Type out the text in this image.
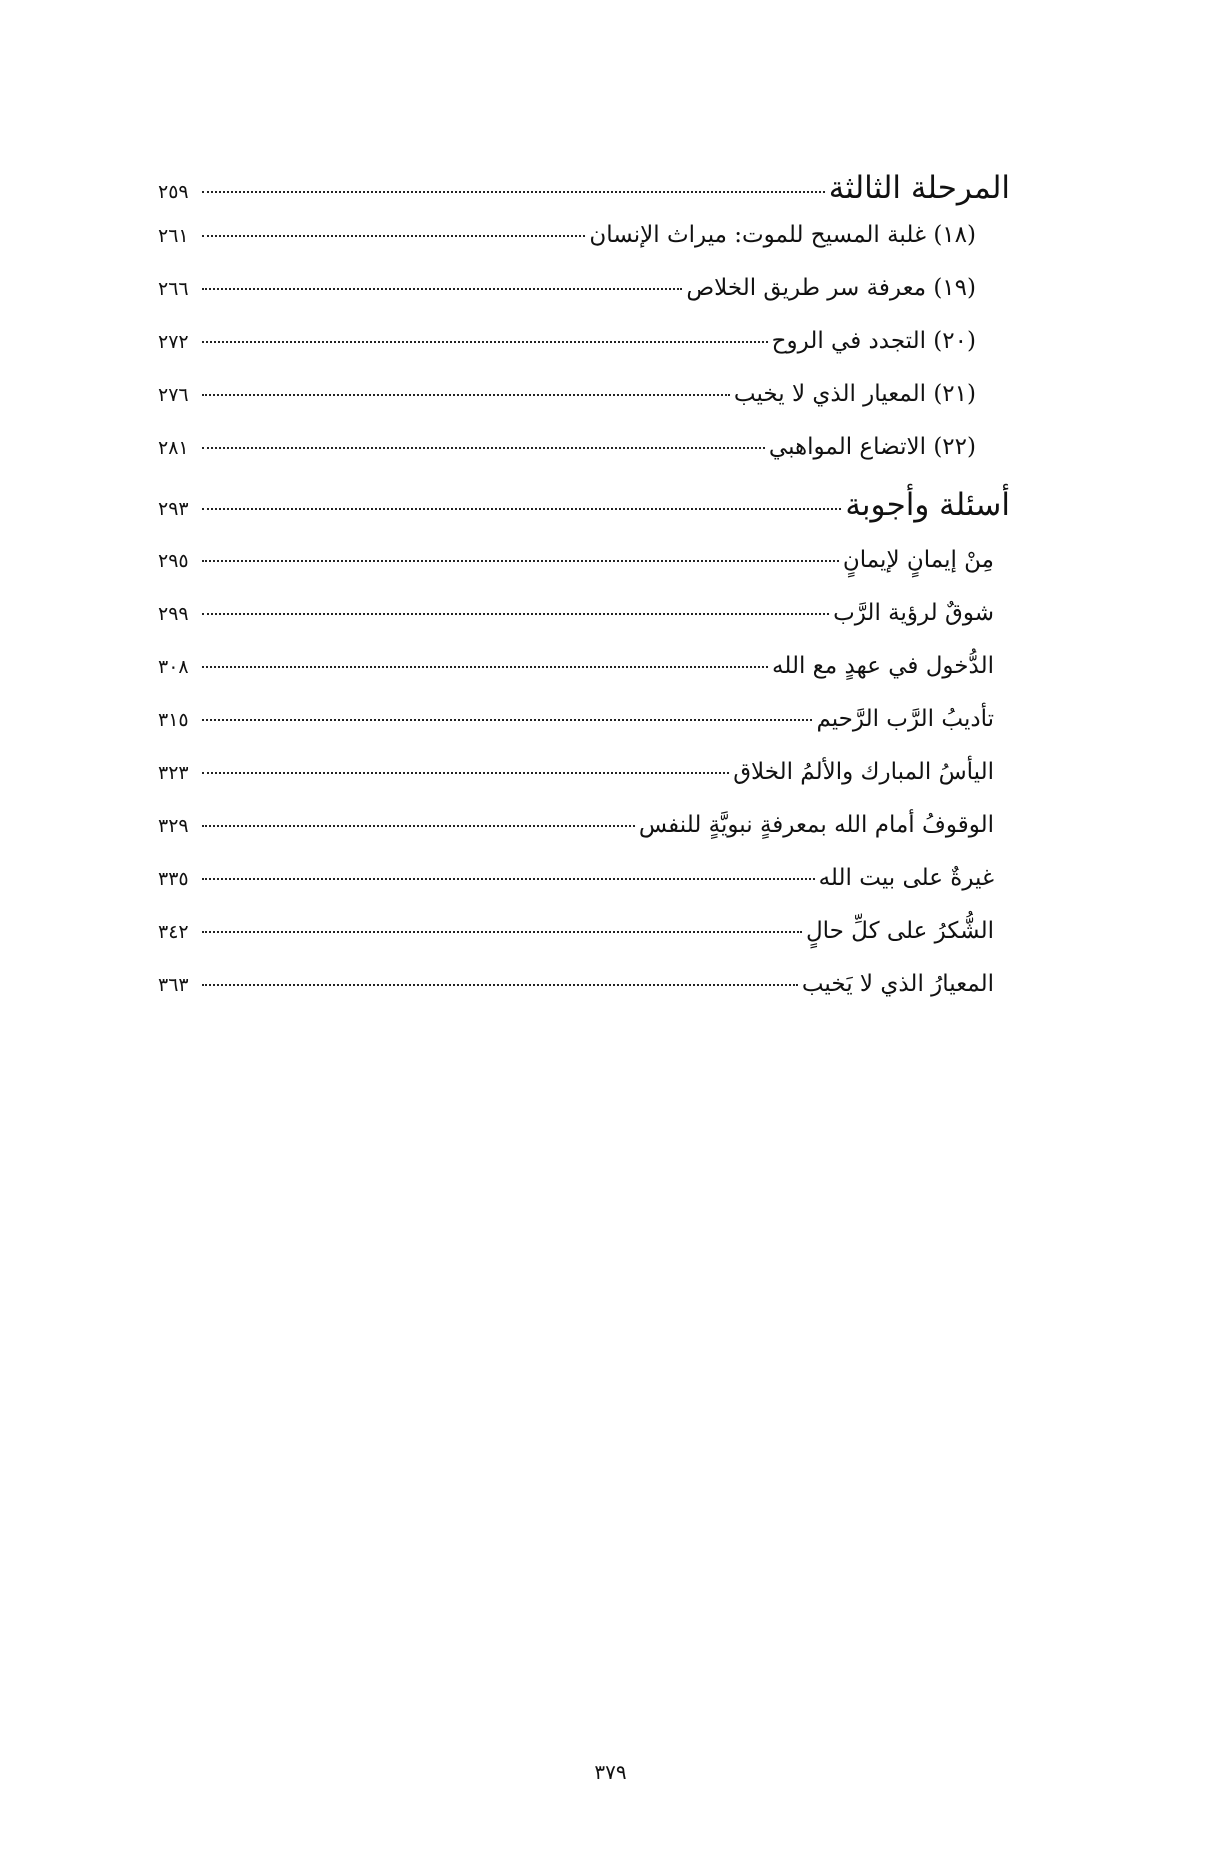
المرحلة الثالثة
٢٥٩
(١٨) غلبة المسيح للموت: ميراث الإنسان
٢٦١
(١٩) معرفة سر طريق الخلاص
٢٦٦
(٢٠) التجدد في الروح
٢٧٢
(٢١) المعيار الذي لا يخيب
٢٧٦
(٢٢) الاتضاع المواهبي
٢٨١
أسئلة وأجوبة
٢٩٣
مِنْ إيمانٍ لإيمانٍ
٢٩٥
شوقٌ لرؤية الرَّب
٢٩٩
الدُّخول في عهدٍ مع الله
٣٠٨
تأديبُ الرَّب الرَّحيم
٣١٥
اليأسُ المبارك والألمُ الخلاق
٣٢٣
الوقوفُ أمام الله بمعرفةٍ نبويَّةٍ للنفس
٣٢٩
غيرةٌ على بيت الله
٣٣٥
الشُّكرُ على كلِّ حالٍ
٣٤٢
المعيارُ الذي لا يَخيب
٣٦٣
٣٧٩
